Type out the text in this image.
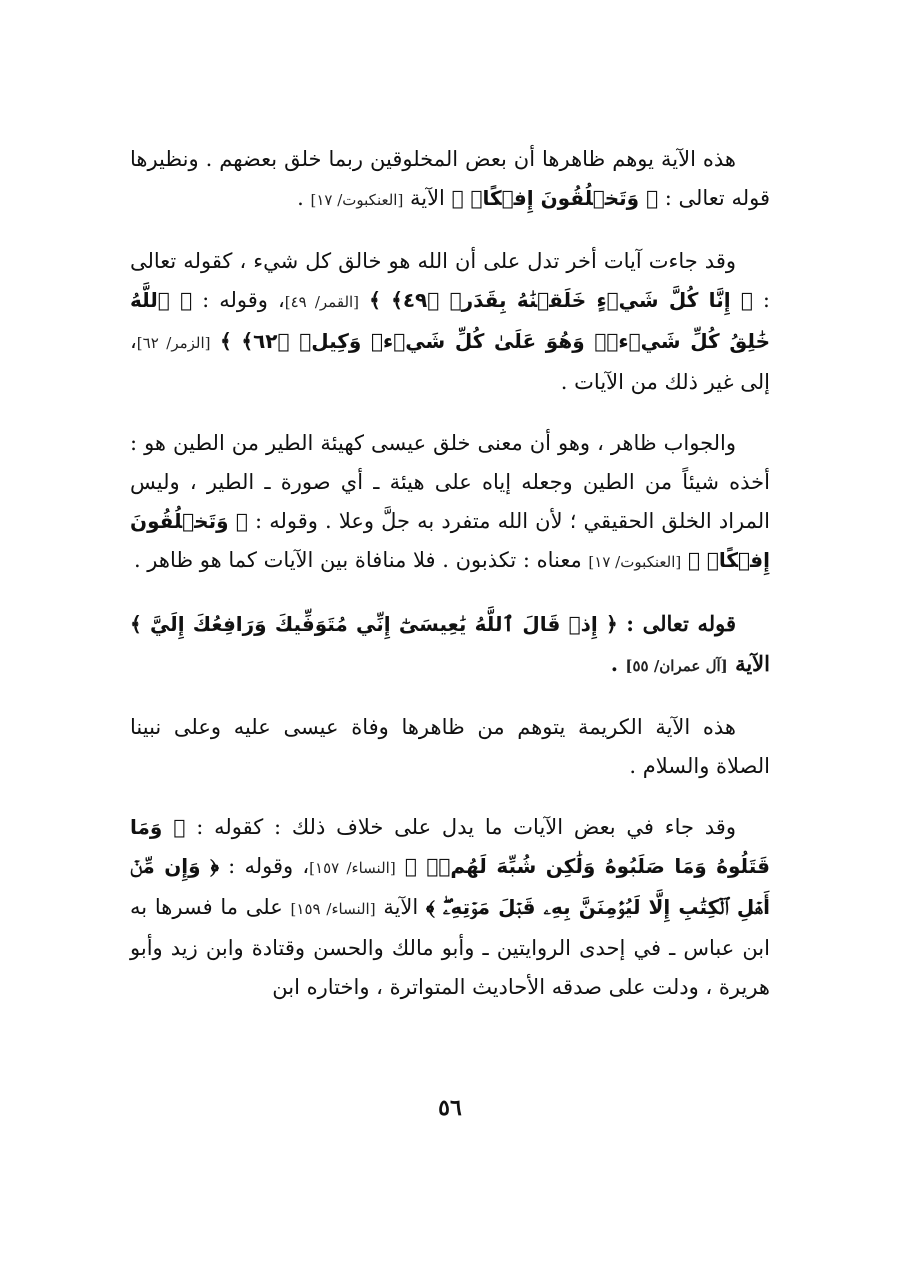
هذه الآية يوهم ظاهرها أن بعض المخلوقين ربما خلق بعضهم . ونظيرها قوله تعالى : ﴿ وَتَخۡلُقُونَ إِفۡكًاۚ ﴾ الآية [العنكبوت/ ١٧] .

وقد جاءت آيات أخر تدل على أن الله هو خالق كل شيء ، كقوله تعالى : ﴿ إِنَّا كُلَّ شَيۡءٍ خَلَقۡنَٰهُ بِقَدَرٖ ﴿٤٩﴾ ﴾ [القمر/ ٤٩]، وقوله : ﴿ ٱللَّهُ خَٰلِقُ كُلِّ شَيۡءٖۖ وَهُوَ عَلَىٰ كُلِّ شَيۡءٖ وَكِيلٞ ﴿٦٢﴾ ﴾ [الزمر/ ٦٢]، إلى غير ذلك من الآيات .

والجواب ظاهر ، وهو أن معنى خلق عيسى كهيئة الطير من الطين هو : أخذه شيئاً من الطين وجعله إياه على هيئة ـ أي صورة ـ الطير ، وليس المراد الخلق الحقيقي ؛ لأن الله متفرد به جلَّ وعلا . وقوله : ﴿ وَتَخۡلُقُونَ إِفۡكًاۚ ﴾ [العنكبوت/ ١٧] معناه : تكذبون . فلا منافاة بين الآيات كما هو ظاهر .

قوله تعالى : ﴿ إِذۡ قَالَ ٱللَّهُ يَٰعِيسَىٰٓ إِنِّي مُتَوَفِّيكَ وَرَافِعُكَ إِلَيَّ ﴾ الآية [آل عمران/ ٥٥] .

هذه الآية الكريمة يتوهم من ظاهرها وفاة عيسى عليه وعلى نبينا الصلاة والسلام .

وقد جاء في بعض الآيات ما يدل على خلاف ذلك : كقوله : ﴿ وَمَا قَتَلُوهُ وَمَا صَلَبُوهُ وَلَٰكِن شُبِّهَ لَهُمۡۚ ﴾ [النساء/ ١٥٧]، وقوله : ﴿ وَإِن مِّنۡ أَهۡلِ ٱلۡكِتَٰبِ إِلَّا لَيُؤۡمِنَنَّ بِهِۦ قَبۡلَ مَوۡتِهِۦۖ ﴾ الآية [النساء/ ١٥٩] على ما فسرها به ابن عباس ـ في إحدى الروايتين ـ وأبو مالك والحسن وقتادة وابن زيد وأبو هريرة ، ودلت على صدقه الأحاديث المتواترة ، واختاره ابن

٥٦
